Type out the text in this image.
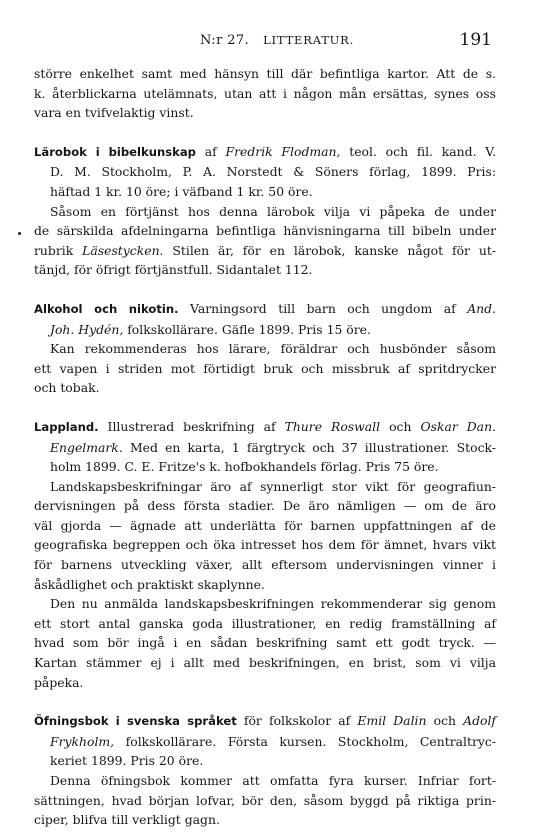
N:r 27. LITTERATUR.	191
större enkelhet samt med hänsyn till där befintliga kartor. Att de s.
k. återblickarna utelämnats, utan att i någon mån ersättas, synes oss
vara en tvifvelaktig vinst.
Lärobok i bibelkunskap af Fredrik Flodman, teol. och fil. kand. V.
D. M. Stockholm, P. A. Norstedt & Söners förlag, 1899. Pris:
häftad 1 kr. 10 öre; i väfband 1 kr. 50 öre.
Såsom en förtjänst hos denna lärobok vilja vi påpeka de under
de särskilda afdelningarna befintliga hänvisningarna till bibeln under
rubrik Läsestycken. Stilen är, för en lärobok, kanske något för ut-
tänjd, för öfrigt förtjänstfull. Sidantalet 112.
Alkohol och nikotin. Varningsord till barn och ungdom af And.
Joh. Hydén, folkskollärare. Gäfle 1899. Pris 15 öre.
Kan rekommenderas hos lärare, föräldrar och husbönder såsom
ett vapen i striden mot förtidigt bruk och missbruk af spritdrycker
och tobak.
Lappland. Illustrerad beskrifning af Thure Roswall och Oskar Dan.
Engelmark. Med en karta, 1 färgtryck och 37 illustrationer. Stock-
holm 1899. C. E. Fritze's k. hofbokhandels förlag. Pris 75 öre.
Landskapsbeskrifningar äro af synnerligt stor vikt för geografiun-
dervisningen på dess första stadier. De äro nämligen — om de äro
väl gjorda — ägnade att underlätta för barnen uppfattningen af de
geografiska begreppen och öka intresset hos dem för ämnet, hvars vikt
för barnens utveckling växer, allt eftersom undervisningen vinner i
åskådlighet och praktiskt skaplynne.
Den nu anmälda landskapsbeskrifningen rekommenderar sig genom
ett stort antal ganska goda illustrationer, en redig framställning af
hvad som bör ingå i en sådan beskrifning samt ett godt tryck. —
Kartan stämmer ej i allt med beskrifningen, en brist, som vi vilja
påpeka.
Öfningsbok i svenska språket för folkskolor af Emil Dalin och Adolf
Frykholm, folkskollärare. Första kursen. Stockholm, Centraltryc-
keriet 1899. Pris 20 öre.
Denna öfningsbok kommer att omfatta fyra kurser. Infriar fort-
sättningen, hvad början lofvar, bör den, såsom byggd på riktiga prin-
ciper, blifva till verkligt gagn.
